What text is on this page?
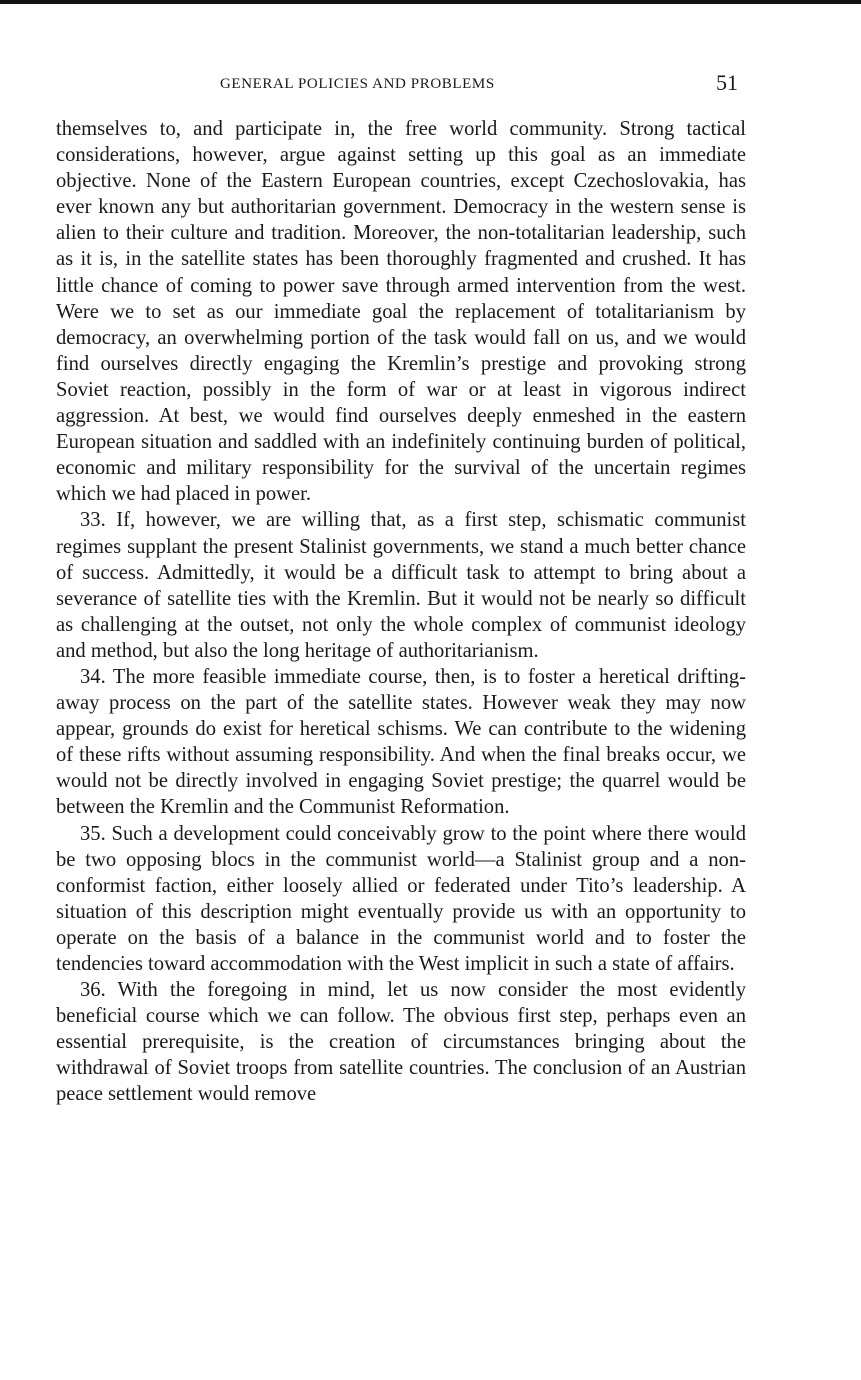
GENERAL POLICIES AND PROBLEMS	51

themselves to, and participate in, the free world community. Strong tactical considerations, however, argue against setting up this goal as an immediate objective. None of the Eastern European countries, except Czechoslovakia, has ever known any but authoritarian government. Democracy in the western sense is alien to their culture and tradition. Moreover, the non-totalitarian leadership, such as it is, in the satellite states has been thoroughly fragmented and crushed. It has little chance of coming to power save through armed intervention from the west. Were we to set as our immediate goal the replacement of totalitarianism by democracy, an overwhelming portion of the task would fall on us, and we would find ourselves directly engaging the Kremlin’s prestige and provoking strong Soviet reaction, possibly in the form of war or at least in vigorous indirect aggression. At best, we would find ourselves deeply enmeshed in the eastern European situation and saddled with an indefinitely continuing burden of political, economic and military responsibility for the survival of the uncertain regimes which we had placed in power.

33. If, however, we are willing that, as a first step, schismatic communist regimes supplant the present Stalinist governments, we stand a much better chance of success. Admittedly, it would be a difficult task to attempt to bring about a severance of satellite ties with the Kremlin. But it would not be nearly so difficult as challenging at the outset, not only the whole complex of communist ideology and method, but also the long heritage of authoritarianism.

34. The more feasible immediate course, then, is to foster a heretical drifting-away process on the part of the satellite states. However weak they may now appear, grounds do exist for heretical schisms. We can contribute to the widening of these rifts without assuming responsibility. And when the final breaks occur, we would not be directly involved in engaging Soviet prestige; the quarrel would be between the Kremlin and the Communist Reformation.

35. Such a development could conceivably grow to the point where there would be two opposing blocs in the communist world—a Stalinist group and a non-conformist faction, either loosely allied or federated under Tito’s leadership. A situation of this description might eventually provide us with an opportunity to operate on the basis of a balance in the communist world and to foster the tendencies toward accommodation with the West implicit in such a state of affairs.

36. With the foregoing in mind, let us now consider the most evidently beneficial course which we can follow. The obvious first step, perhaps even an essential prerequisite, is the creation of circumstances bringing about the withdrawal of Soviet troops from satellite countries. The conclusion of an Austrian peace settlement would remove
